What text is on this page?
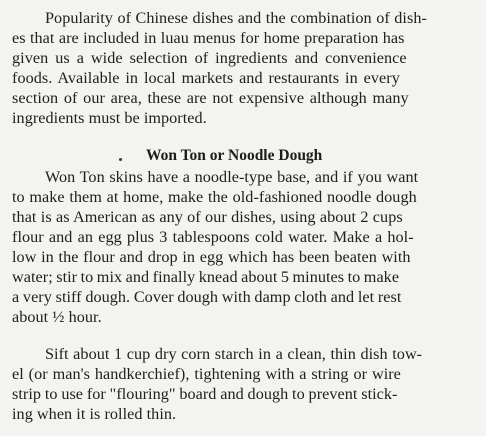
Popularity of Chinese dishes and the combination of dish-
es that are included in luau menus for home preparation has
given us a wide selection of ingredients and convenience
foods. Available in local markets and restaurants in every
section of our area, these are not expensive although many
ingredients must be imported.
Won Ton or Noodle Dough
Won Ton skins have a noodle-type base, and if you want
to make them at home, make the old-fashioned noodle dough
that is as American as any of our dishes, using about 2 cups
flour and an egg plus 3 tablespoons cold water. Make a hol-
low in the flour and drop in egg which has been beaten with
water; stir to mix and finally knead about 5 minutes to make
a very stiff dough. Cover dough with damp cloth and let rest
about ½ hour.
Sift about 1 cup dry corn starch in a clean, thin dish tow-
el (or man's handkerchief), tightening with a string or wire
strip to use for "flouring" board and dough to prevent stick-
ing when it is rolled thin.
